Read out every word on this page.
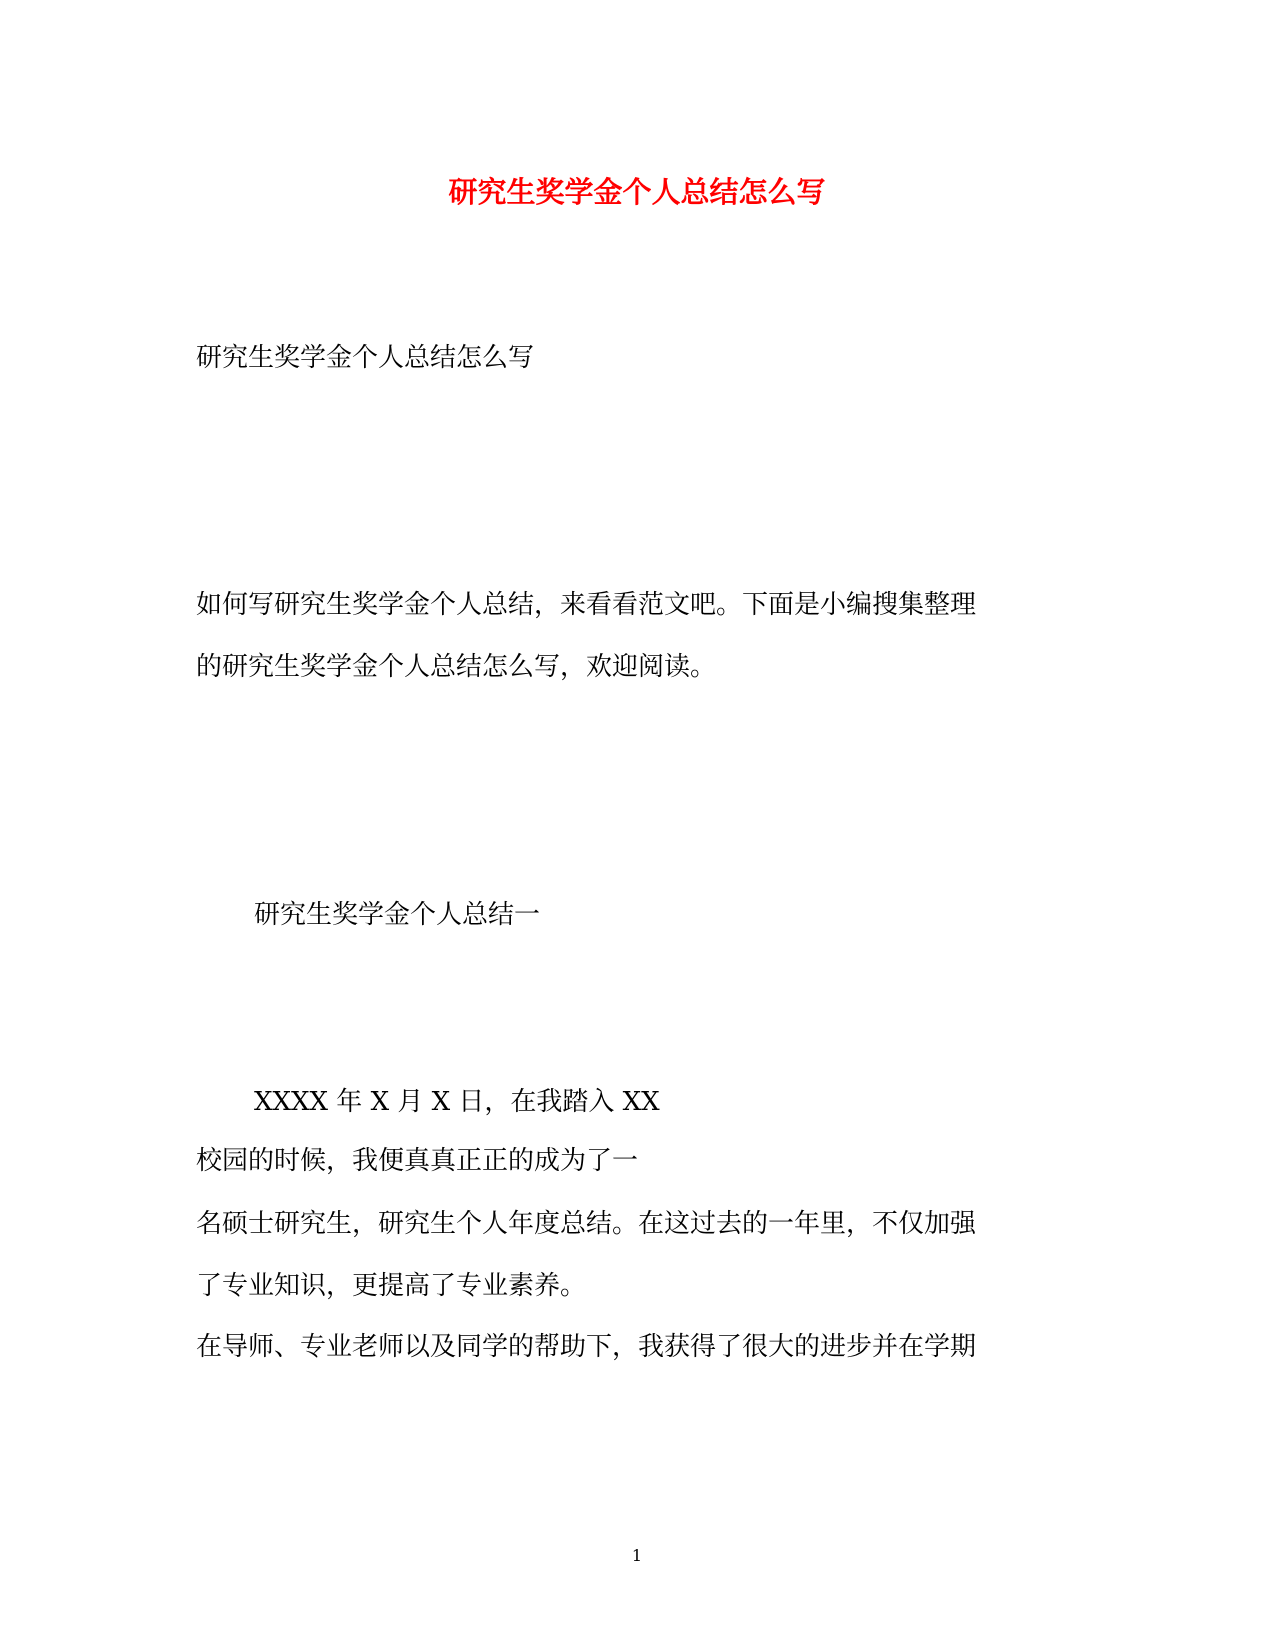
研究生奖学金个人总结怎么写
研究生奖学金个人总结怎么写
如何写研究生奖学金个人总结，来看看范文吧。下面是小编搜集整理
的研究生奖学金个人总结怎么写，欢迎阅读。
研究生奖学金个人总结一
XXXX 年 X 月 X 日，在我踏入 XX
校园的时候，我便真真正正的成为了一
名硕士研究生，研究生个人年度总结。在这过去的一年里，不仅加强
了专业知识，更提高了专业素养。
在导师、专业老师以及同学的帮助下，我获得了很大的进步并在学期
1
